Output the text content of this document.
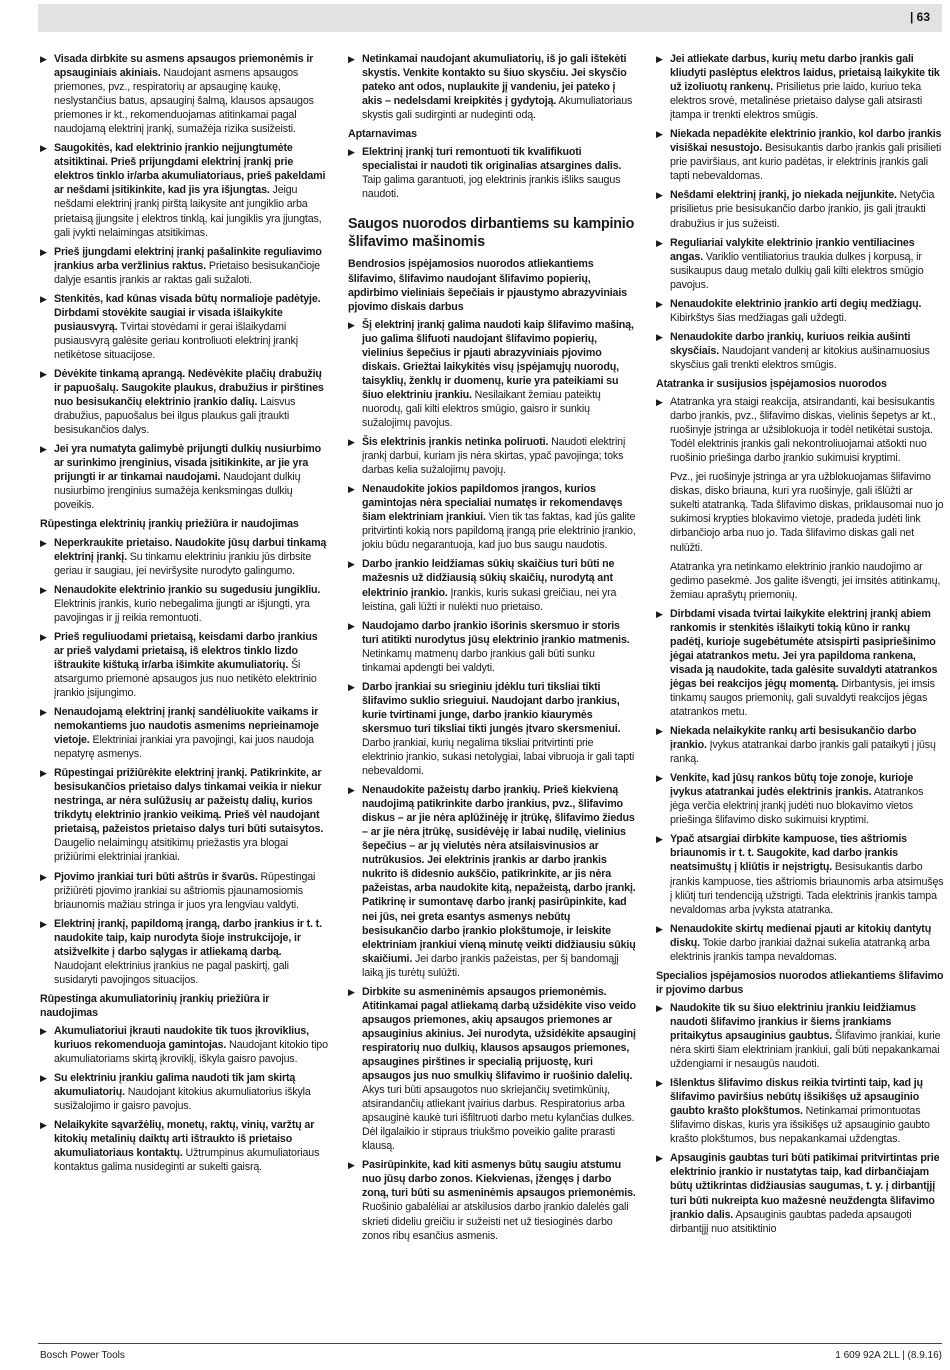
| 63
▶ Visada dirbkite su asmens apsaugos priemonėmis ir apsauginiais akiniais. Naudojant asmens apsaugos priemones, pvz., respiratorių ar apsauginę kaukę, neslystančius batus, apsauginį šalmą, klausos apsaugos priemones ir kt., rekomenduojamas atitinkamai pagal naudojamą elektrinį įrankį, sumažėja rizika susižeisti.
▶ Saugokitės, kad elektrinio įrankio neįjungtumėte atsitiktinai. Prieš prijungdami elektrinį įrankį prie elektros tinklo ir/arba akumuliatoriaus, prieš pakeldami ar nešdami įsitikinkite, kad jis yra išjungtas. Jeigu nešdami elektrinį įrankį pirštą laikysite ant jungiklio arba prietaisą įjungsite į elektros tinklą, kai jungiklis yra įjungtas, gali įvykti nelaimingas atsitikimas.
▶ Prieš įjungdami elektrinį įrankį pašalinkite reguliavimo įrankius arba veržlinius raktus. Prietaiso besisukančioje dalyje esantis įrankis ar raktas gali sužaloti.
▶ Stenkitės, kad kūnas visada būtų normalioje padėtyje. Dirbdami stovėkite saugiai ir visada išlaikykite pusiausvyrą. Tvirtai stovėdami ir gerai išlaikydami pusiausvyrą galėsite geriau kontroliuoti elektrinį įrankį netikėtose situacijose.
▶ Dėvėkite tinkamą aprangą. Nedėvėkite plačių drabužių ir papuošalų. Saugokite plaukus, drabužius ir pirštines nuo besisukančių elektrinio įrankio dalių. Laisvus drabužius, papuošalus bei ilgus plaukus gali įtraukti besisukančios dalys.
▶ Jei yra numatyta galimybė prijungti dulkių nusiurbimo ar surinkimo įrenginius, visada įsitikinkite, ar jie yra prijungti ir ar tinkamai naudojami. Naudojant dulkių nusiurbimo įrenginius sumažėja kenksmingas dulkių poveikis.
Rūpestinga elektrinių įrankių priežiūra ir naudojimas
▶ Neperkraukite prietaiso. Naudokite jūsų darbui tinkamą elektrinį įrankį. Su tinkamu elektriniu įrankiu jūs dirbsite geriau ir saugiau, jei neviršysite nurodyto galingumo.
▶ Nenaudokite elektrinio įrankio su sugedusiu jungikliu. Elektrinis įrankis, kurio nebegalima įjungti ar išjungti, yra pavojingas ir jį reikia remontuoti.
▶ Prieš reguliuodami prietaisą, keisdami darbo įrankius ar prieš valydami prietaisą, iš elektros tinklo lizdo ištraukite kištuką ir/arba išimkite akumuliatorių. Ši atsargumo priemonė apsaugos jus nuo netikėto elektrinio įrankio įsijungimo.
▶ Nenaudojamą elektrinį įrankį sandėliuokite vaikams ir nemokantiems juo naudotis asmenims neprieinamoje vietoje. Elektriniai įrankiai yra pavojingi, kai juos naudoja nepatyrę asmenys.
▶ Rūpestingai prižiūrėkite elektrinį įrankį. Patikrinkite, ar besisukančios prietaiso dalys tinkamai veikia ir niekur nestringa, ar nėra sulūžusių ar pažeistų dalių, kurios trikdytų elektrinio įrankio veikimą. Prieš vėl naudojant prietaisą, pažeistos prietaiso dalys turi būti sutaisytos. Daugelio nelaimingų atsitikimų priežastis yra blogai prižiūrimi elektriniai įrankiai.
▶ Pjovimo įrankiai turi būti aštrūs ir švarūs. Rūpestingai prižiūrėti pjovimo įrankiai su aštriomis pjaunamosiomis briaunomis mažiau stringa ir juos yra lengviau valdyti.
▶ Elektrinį įrankį, papildomą įrangą, darbo įrankius ir t. t. naudokite taip, kaip nurodyta šioje instrukcijoje, ir atsižvelkite į darbo sąlygas ir atliekamą darbą. Naudojant elektrinius įrankius ne pagal paskirtį, gali susidaryti pavojingos situacijos.
Rūpestinga akumuliatorinių įrankių priežiūra ir naudojimas
▶ Akumuliatoriui įkrauti naudokite tik tuos įkroviklius, kuriuos rekomenduoja gamintojas. Naudojant kitokio tipo akumuliatoriams skirtą įkroviklį, iškyla gaisro pavojus.
▶ Su elektriniu įrankiu galima naudoti tik jam skirtą akumuliatorių. Naudojant kitokius akumuliatorius iškyla susižalojimo ir gaisro pavojus.
▶ Nelaikykite sąvaržėlių, monetų, raktų, vinių, varžtų ar kitokių metalinių daiktų arti ištraukto iš prietaiso akumuliatoriaus kontaktų. Užtrumpinus akumuliatoriaus kontaktus galima nusideginti ar sukelti gaisrą.
▶ Netinkamai naudojant akumuliatorių, iš jo gali ištekėti skystis. Venkite kontakto su šiuo skysčiu. Jei skysčio pateko ant odos, nuplaukite jį vandeniu, jei pateko į akis – nedelsdami kreipkitės į gydytoją. Akumuliatoriaus skystis gali sudirginti ar nudeginti odą.
Aptarnavimas
▶ Elektrinį įrankį turi remontuoti tik kvalifikuoti specialistai ir naudoti tik originalias atsargines dalis. Taip galima garantuoti, jog elektrinis įrankis išliks saugus naudoti.
Saugos nuorodos dirbantiems su kampinio šlifavimo mašinomis
Bendrosios įspėjamosios nuorodos atliekantiems šlifavimo, šlifavimo naudojant šlifavimo popierių, apdirbimo vieliniais šepečiais ir pjaustymo abrazyviniais pjovimo diskais darbus
▶ Šį elektrinį įrankį galima naudoti kaip šlifavimo mašiną, juo galima šlifuoti naudojant šlifavimo popierių, vielinius šepečius ir pjauti abrazyviniais pjovimo diskais. Griežtai laikykitės visų įspėjamųjų nuorodų, taisyklių, ženklų ir duomenų, kurie yra pateikiami su šiuo elektriniu įrankiu. Nesilaikant žemiau pateiktų nuorodų, gali kilti elektros smūgio, gaisro ir sunkių sužalojimų pavojus.
▶ Šis elektrinis įrankis netinka poliruoti. Naudoti elektrinį įrankį darbui, kuriam jis nėra skirtas, ypač pavojinga; toks darbas kelia sužalojimų pavojų.
▶ Nenaudokite jokios papildomos įrangos, kurios gamintojas nėra specialiai numatęs ir rekomendavęs šiam elektriniam įrankiui. Vien tik tas faktas, kad jūs galite pritvirtinti kokią nors papildomą įrangą prie elektrinio įrankio, jokiu būdu negarantuoja, kad juo bus saugu naudotis.
▶ Darbo įrankio leidžiamas sūkių skaičius turi būti ne mažesnis už didžiausią sūkių skaičių, nurodytą ant elektrinio įrankio. Įrankis, kuris sukasi greičiau, nei yra leistina, gali lūžti ir nulėkti nuo prietaiso.
▶ Naudojamo darbo įrankio išorinis skersmuo ir storis turi atitikti nurodytus jūsų elektrinio įrankio matmenis. Netinkamų matmenų darbo įrankius gali būti sunku tinkamai apdengti bei valdyti.
▶ Darbo įrankiai su srieginiu įdėklu turi tiksliai tikti šlifavimo suklio srieguiui. Naudojant darbo įrankius, kurie tvirtinami junge, darbo įrankio kiaurymės skersmuo turi tiksliai tikti jungės įtvaro skersmeniui. Darbo įrankiai, kurių negalima tiksliai pritvirtinti prie elektrinio įrankio, sukasi netolygiai, labai vibruoja ir gali tapti nebevaldomi.
▶ Nenaudokite pažeistų darbo įrankių. Prieš kiekvieną naudojimą patikrinkite darbo įrankius, pvz., šlifavimo diskus – ar jie nėra aplūžinėję ir įtrūkę, šlifavimo žiedus – ar jie nėra įtrūkę, susidėvėję ir labai nudilę, vielinius šepečius – ar jų vielutės nėra atsilaisvinusios ar nutrūkusios. Jei elektrinis įrankis ar darbo įrankis nukrito iš didesnio aukščio, patikrinkite, ar jis nėra pažeistas, arba naudokite kitą, nepažeistą, darbo įrankį. Patikrinę ir sumontavę darbo įrankį pasirūpinkite, kad nei jūs, nei greta esantys asmenys nebūtų besisukančio darbo įrankio plokštumoje, ir leiskite elektriniam įrankiui vieną minutę veikti didžiausiu sūkių skaičiumi. Jei darbo įrankis pažeistas, per šį bandomąjį laiką jis turėtų sulūžti.
▶ Dirbkite su asmeninėmis apsaugos priemonėmis. Atitinkamai pagal atliekamą darbą užsidėkite viso veido apsaugos priemones, akių apsaugos priemones ar apsauginius akinius. Jei nurodyta, užsidėkite apsauginį respiratorių nuo dulkių, klausos apsaugos priemones, apsaugines pirštines ir specialią prijuostę, kuri apsaugos jus nuo smulkių šlifavimo ir ruošinio dalelių. Akys turi būti apsaugotos nuo skriejančių svetimkūnių, atsirandančių atliekant įvairius darbus. Respiratorius arba apsauginė kaukė turi išfiltruoti darbo metu kylančias dulkes. Dėl ilgalaikio ir stipraus triukšmo poveikio galite prarasti klausą.
▶ Pasirūpinkite, kad kiti asmenys būtų saugiu atstumu nuo jūsų darbo zonos. Kiekvienas, įžengęs į darbo zoną, turi būti su asmeninėmis apsaugos priemonėmis. Ruošinio gabalėliai ar atskilusios darbo įrankio dalelės gali skrieti dideliu greičiu ir sužeisti net už tiesioginės darbo zonos ribų esančius asmenis.
▶ Jei atliekate darbus, kurių metu darbo įrankis gali kliudyti paslėptus elektros laidus, prietaisą laikykite tik už izoliuotų rankenų. Prisilietus prie laido, kuriuo teka elektros srovė, metalinėse prietaiso dalyse gali atsirasti įtampa ir trenkti elektros smūgis.
▶ Niekada nepadėkite elektrinio įrankio, kol darbo įrankis visiškai nesustojo. Besisukantis darbo įrankis gali prisilieti prie paviršiaus, ant kurio padėtas, ir elektrinis įrankis gali tapti nebevaldomas.
▶ Nešdami elektrinį įrankį, jo niekada neįjunkite. Netyčia prisilietus prie besisukančio darbo įrankio, jis gali įtraukti drabužius ir jus sužeisti.
▶ Reguliariai valykite elektrinio įrankio ventiliacines angas. Variklio ventiliatorius traukia dulkes į korpusą, ir susikaupus daug metalo dulkių gali kilti elektros smūgio pavojus.
▶ Nenaudokite elektrinio įrankio arti degių medžiagų. Kibirkštys šias medžiagas gali uždegti.
▶ Nenaudokite darbo įrankių, kuriuos reikia aušinti skysčiais. Naudojant vandenį ar kitokius aušinamuosius skysčius gali trenkti elektros smūgis.
Atatranka ir susijusios įspėjamosios nuorodos
▶ Atatranka yra staigi reakcija, atsirandanti, kai besisukantis darbo įrankis, pvz., šlifavimo diskas, vielinis šepetys ar kt., ruošinyje įstringa ar užsiblokuoja ir todėl netikėtai sustoja. Todėl elektrinis įrankis gali nekontroliuojamai atšokti nuo ruošinio priešinga darbo įrankio sukimuisi kryptimi.
Pvz., jei ruošinyje įstringa ar yra užblokuojamas šlifavimo diskas, disko briauna, kuri yra ruošinyje, gali išlūžti ar sukelti atatranką. Tada šlifavimo diskas, priklausomai nuo jo sukimosi krypties blokavimo vietoje, pradeda judėti link dirbančiojo arba nuo jo. Tada šlifavimo diskas gali net nulūžti.
Atatranka yra netinkamo elektrinio įrankio naudojimo ar gedimo pasekmė. Jos galite išvengti, jei imsitės atitinkamų, žemiau aprašytų priemonių.
▶ Dirbdami visada tvirtai laikykite elektrinį įrankį abiem rankomis ir stenkitės išlaikyti tokią kūno ir rankų padėtį, kurioje sugebėtumėte atsispirti pasipriešinimo jėgai atatrankos metu. Jei yra papildoma rankena, visada ją naudokite, tada galėsite suvaldyti atatrankos jėgas bei reakcijos jėgų momentą. Dirbantysis, jei imsis tinkamų saugos priemonių, gali suvaldyti reakcijos jėgas atatrankos metu.
▶ Niekada nelaikykite rankų arti besisukančio darbo įrankio. Įvykus atatrankai darbo įrankis gali pataikyti į jūsų ranką.
▶ Venkite, kad jūsų rankos būtų toje zonoje, kurioje įvykus atatrankai judės elektrinis įrankis. Atatrankos jėga verčia elektrinį įrankį judėti nuo blokavimo vietos priešinga šlifavimo disko sukimuisi kryptimi.
▶ Ypač atsargiai dirbkite kampuose, ties aštriomis briaunomis ir t. t. Saugokite, kad darbo įrankis neatsimuštų į kliūtis ir neįstrigtų. Besisukantis darbo įrankis kampuose, ties aštriomis briaunomis arba atsimušęs į kliūtį turi tendenciją užstrigti. Tada elektrinis įrankis tampa nevaldomas arba įvyksta atatranka.
▶ Nenaudokite skirtų medienai pjauti ar kitokių dantytų diskų. Tokie darbo įrankiai dažnai sukelia atatranką arba elektrinis įrankis tampa nevaldomas.
Specialios įspėjamosios nuorodos atliekantiems šlifavimo ir pjovimo darbus
▶ Naudokite tik su šiuo elektriniu įrankiu leidžiamus naudoti šlifavimo įrankius ir šiems įrankiams pritaikytus apsauginius gaubtus. Šlifavimo įrankiai, kurie nėra skirti šiam elektriniam įrankiui, gali būti nepakankamai uždengiami ir nesaugūs naudoti.
▶ Išlenktus šlifavimo diskus reikia tvirtinti taip, kad jų šlifavimo paviršius nebūtų išsikišęs už apsauginio gaubto krašto plokštumos. Netinkamai primontuotas šlifavimo diskas, kuris yra išsikišęs už apsauginio gaubto krašto plokštumos, bus nepakankamai uždengtas.
▶ Apsauginis gaubtas turi būti patikimai pritvirtintas prie elektrinio įrankio ir nustatytas taip, kad dirbančiajam būtų užtikrintas didžiausias saugumas, t. y. į dirbantįjį turi būti nukreipta kuo mažesnė neuždengta šlifavimo įrankio dalis. Apsauginis gaubtas padeda apsaugoti dirbantįjį nuo atsitiktinio
Bosch Power Tools	1 609 92A 2LL | (8.9.16)
